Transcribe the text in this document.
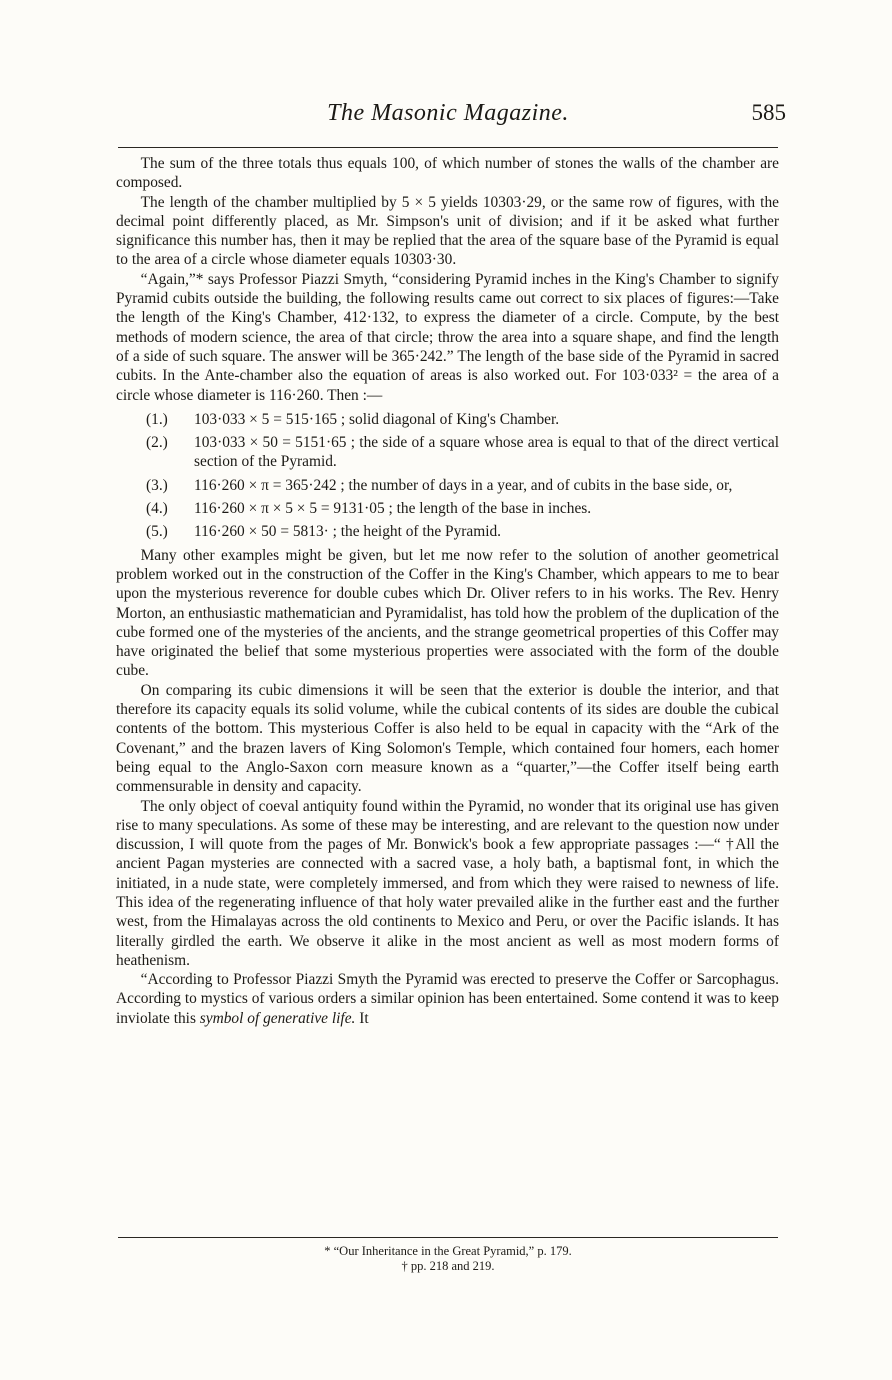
The Masonic Magazine.	585

The sum of the three totals thus equals 100, of which number of stones the walls of the chamber are composed.

The length of the chamber multiplied by 5 × 5 yields 10303·29, or the same row of figures, with the decimal point differently placed, as Mr. Simpson's unit of division; and if it be asked what further significance this number has, then it may be replied that the area of the square base of the Pyramid is equal to the area of a circle whose diameter equals 10303·30.

“Again,”* says Professor Piazzi Smyth, “considering Pyramid inches in the King's Chamber to signify Pyramid cubits outside the building, the following results came out correct to six places of figures:—Take the length of the King's Chamber, 412·132, to express the diameter of a circle. Compute, by the best methods of modern science, the area of that circle; throw the area into a square shape, and find the length of a side of such square. The answer will be 365·242.” The length of the base side of the Pyramid in sacred cubits. In the Ante-chamber also the equation of areas is also worked out. For 103·033² = the area of a circle whose diameter is 116·260. Then :—

(1.) 103·033 × 5 = 515·165 ; solid diagonal of King's Chamber.
(2.) 103·033 × 50 = 5151·65 ; the side of a square whose area is equal to that of the direct vertical section of the Pyramid.
(3.) 116·260 × π = 365·242 ; the number of days in a year, and of cubits in the base side, or,
(4.) 116·260 × π × 5 × 5 = 9131·05 ; the length of the base in inches.
(5.) 116·260 × 50 = 5813· ; the height of the Pyramid.

Many other examples might be given, but let me now refer to the solution of another geometrical problem worked out in the construction of the Coffer in the King's Chamber, which appears to me to bear upon the mysterious reverence for double cubes which Dr. Oliver refers to in his works. The Rev. Henry Morton, an enthusiastic mathematician and Pyramidalist, has told how the problem of the duplication of the cube formed one of the mysteries of the ancients, and the strange geometrical properties of this Coffer may have originated the belief that some mysterious properties were associated with the form of the double cube.

On comparing its cubic dimensions it will be seen that the exterior is double the interior, and that therefore its capacity equals its solid volume, while the cubical contents of its sides are double the cubical contents of the bottom. This mysterious Coffer is also held to be equal in capacity with the “Ark of the Covenant,” and the brazen lavers of King Solomon's Temple, which contained four homers, each homer being equal to the Anglo-Saxon corn measure known as a “quarter,”—the Coffer itself being earth commensurable in density and capacity.

The only object of coeval antiquity found within the Pyramid, no wonder that its original use has given rise to many speculations. As some of these may be interesting, and are relevant to the question now under discussion, I will quote from the pages of Mr. Bonwick's book a few appropriate passages :—“ †All the ancient Pagan mysteries are connected with a sacred vase, a holy bath, a baptismal font, in which the initiated, in a nude state, were completely immersed, and from which they were raised to newness of life. This idea of the regenerating influence of that holy water prevailed alike in the further east and the further west, from the Himalayas across the old continents to Mexico and Peru, or over the Pacific islands. It has literally girdled the earth. We observe it alike in the most ancient as well as most modern forms of heathenism.

“According to Professor Piazzi Smyth the Pyramid was erected to preserve the Coffer or Sarcophagus. According to mystics of various orders a similar opinion has been entertained. Some contend it was to keep inviolate this symbol of generative life. It

* “Our Inheritance in the Great Pyramid,” p. 179.
† pp. 218 and 219.
